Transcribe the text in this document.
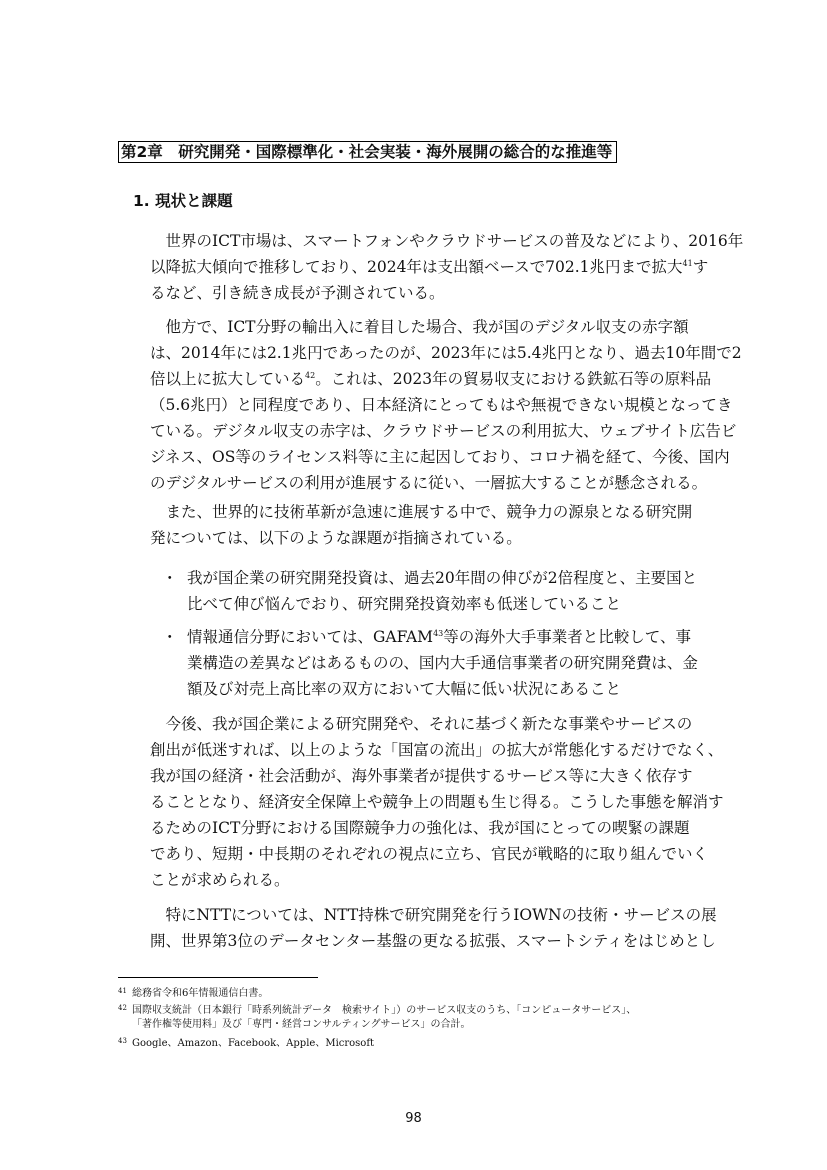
第2章　研究開発・国際標準化・社会実装・海外展開の総合的な推進等
1. 現状と課題
　世界のICT市場は、スマートフォンやクラウドサービスの普及などにより、2016年
以降拡大傾向で推移しており、2024年は支出額ベースで702.1兆円まで拡大$^{41}$す
るなど、引き続き成長が予測されている。
　他方で、ICT分野の輸出入に着目した場合、我が国のデジタル収支の赤字額
は、2014年には2.1兆円であったのが、2023年には5.4兆円となり、過去10年間で2
倍以上に拡大している$^{42}$。これは、2023年の貿易収支における鉄鉱石等の原料品
（5.6兆円）と同程度であり、日本経済にとってもはや無視できない規模となってき
ている。デジタル収支の赤字は、クラウドサービスの利用拡大、ウェブサイト広告ビ
ジネス、OS等のライセンス料等に主に起因しており、コロナ禍を経て、今後、国内
のデジタルサービスの利用が進展するに従い、一層拡大することが懸念される。
　また、世界的に技術革新が急速に進展する中で、競争力の源泉となる研究開
発については、以下のような課題が指摘されている。
・ 我が国企業の研究開発投資は、過去20年間の伸びが2倍程度と、主要国と
比べて伸び悩んでおり、研究開発投資効率も低迷していること
・ 情報通信分野においては、GAFAM$^{43}$等の海外大手事業者と比較して、事
業構造の差異などはあるものの、国内大手通信事業者の研究開発費は、金
額及び対売上高比率の双方において大幅に低い状況にあること
　今後、我が国企業による研究開発や、それに基づく新たな事業やサービスの
創出が低迷すれば、以上のような「国富の流出」の拡大が常態化するだけでなく、
我が国の経済・社会活動が、海外事業者が提供するサービス等に大きく依存す
ることとなり、経済安全保障上や競争上の問題も生じ得る。こうした事態を解消す
るためのICT分野における国際競争力の強化は、我が国にとっての喫緊の課題
であり、短期・中長期のそれぞれの視点に立ち、官民が戦略的に取り組んでいく
ことが求められる。
　特にNTTについては、NTT持株で研究開発を行うIOWNの技術・サービスの展
開、世界第3位のデータセンター基盤の更なる拡張、スマートシティをはじめとし
41 総務省令和6年情報通信白書。
42 国際収支統計（日本銀行「時系列統計データ　検索サイト」）のサービス収支のうち、「コンピュータサービス」、
「著作権等使用料」及び「専門・経営コンサルティングサービス」の合計。
43 Google、Amazon、Facebook、Apple、Microsoft
98
